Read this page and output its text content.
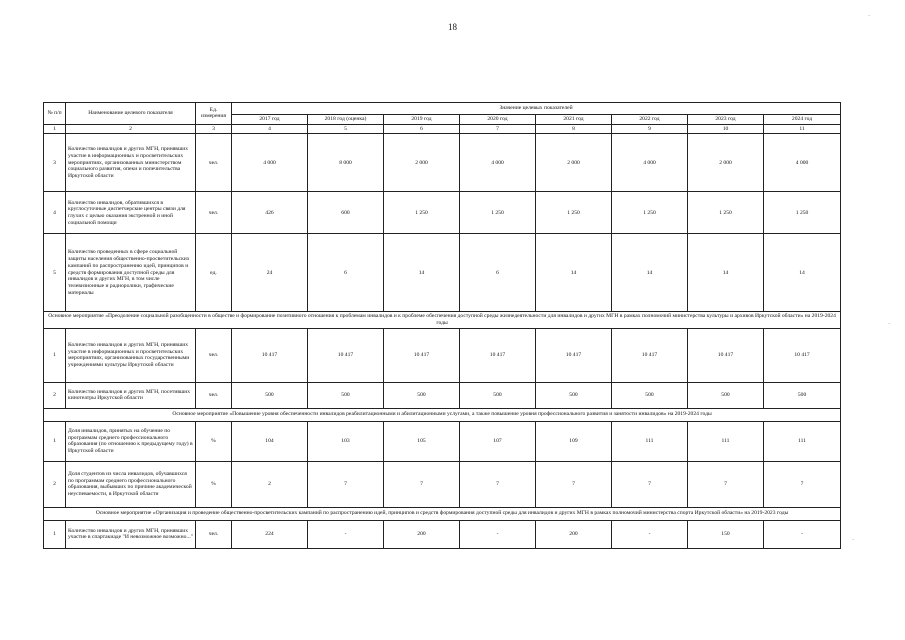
18
№ п/п	Наименование целевого показателя	Ед. измерения	Значение целевых показателей							
			2017 год	2018 год (оценка)	2019 год	2020 год	2021 год	2022 год	2023 год	2024 год
1	2	3	4	5	6	7	8	9	10	11
3	Количество инвалидов и других МГН, принявших участие в информационных и просветительских мероприятиях, организованных министерством социального развития, опеки и попечительства Иркутской области	чел.	4 000	8 000	2 000	4 000	2 000	4 000	2 000	4 000
4	Количество инвалидов, обратившихся в круглосуточные диспетчерские центры связи для глухих с целью оказания экстренной и иной социальной помощи	чел.	426	600	1 250	1 250	1 250	1 250	1 250	1 250
5	Количество проведенных в сфере социальной защиты населения общественно-просветительских кампаний по распространению идей, принципов и средств формирования доступной среды для инвалидов и других МГН, в том числе телевизионные и радиоролики, графические материалы	ед.	24	6	14	6	14	14	14	14
Основное мероприятие «Преодоление социальной разобщенности в обществе и формирование позитивного отношения к проблемам инвалидов и к проблеме обеспечения доступной среды жизнедеятельности для инвалидов и других МГН в рамках полномочий министерства культуры и архивов Иркутской области» на 2019-2024 годы										
1	Количество инвалидов и других МГН, принявших участие в информационных и просветительских мероприятиях, организованных государственными учреждениями культуры Иркутской области	чел.	10 417	10 417	10 417	10 417	10 417	10 417	10 417	10 417
2	Количество инвалидов и других МГН, посетивших кинотеатры Иркутской области	чел.	500	500	500	500	500	500	500	500
Основное мероприятие «Повышение уровня обеспеченности инвалидов реабилитационными и абилитационными услугами, а также повышение уровня профессионального развития и занятости инвалидов» на 2019-2024 годы										
1	Доля инвалидов, принятых на обучение по программам среднего профессионального образования (по отношению к предыдущему году) в Иркутской области	%	104	103	105	107	109	111	111	111
2	Доля студентов из числа инвалидов, обучавшихся по программам среднего профессионального образования, выбывших по причине академической неуспеваемости, в Иркутской области	%	2	7	7	7	7	7	7	7
Основное мероприятие «Организация и проведение общественно-просветительских кампаний по распространению идей, принципов и средств формирования доступной среды для инвалидов и других МГН в рамках полномочий министерства спорта Иркутской области» на 2019-2023 годы										
1	Количество инвалидов и других МГН, принявших участие в спартакиаде "И невозможное возможно..."	чел.	224	-	200	-	200	-	150	-
·
·
·
